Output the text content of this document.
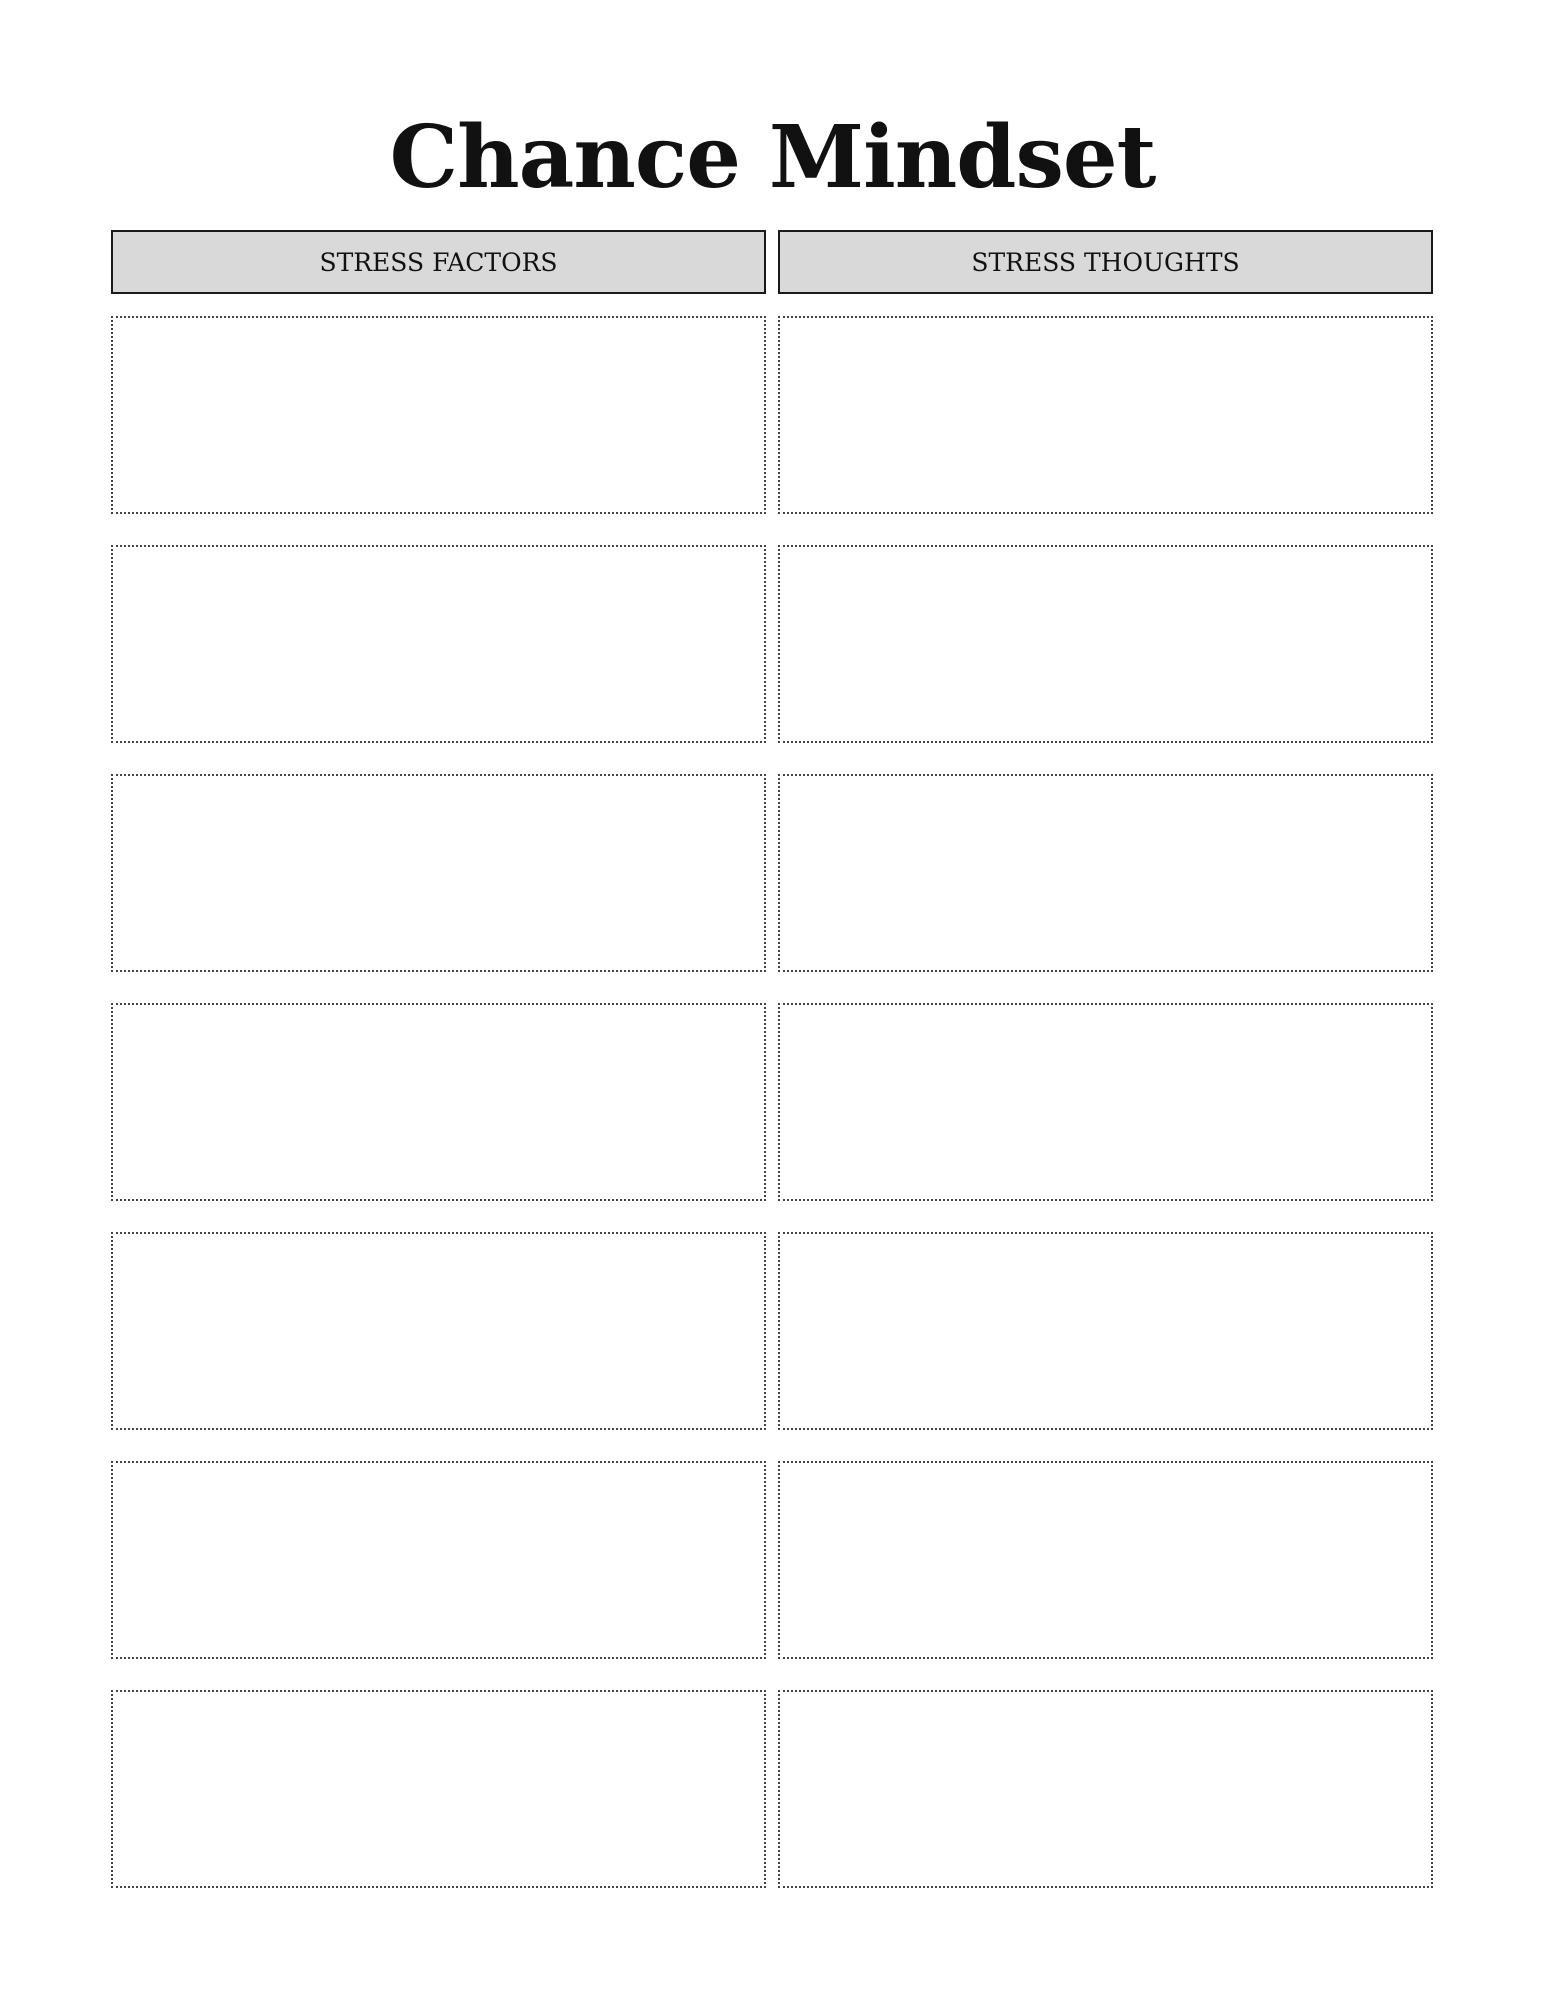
Chance Mindset
STRESS FACTORS	STRESS THOUGHTS
